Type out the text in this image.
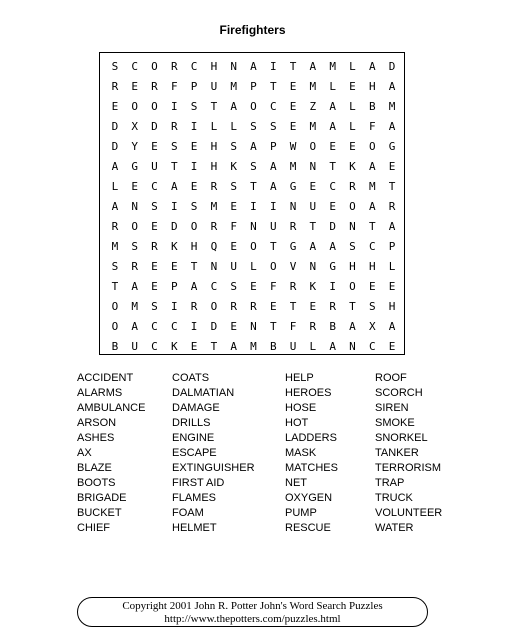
Firefighters
S	C	O	R	C	H	N	A	I	T	A	M	L	A	D
R	E	R	F	P	U	M	P	T	E	M	L	E	H	A
E	O	O	I	S	T	A	O	C	E	Z	A	L	B	M
D	X	D	R	I	L	L	S	S	E	M	A	L	F	A
D	Y	E	S	E	H	S	A	P	W	O	E	E	O	G
A	G	U	T	I	H	K	S	A	M	N	T	K	A	E
L	E	C	A	E	R	S	T	A	G	E	C	R	M	T
A	N	S	I	S	M	E	I	I	N	U	E	O	A	R
R	O	E	D	O	R	F	N	U	R	T	D	N	T	A
M	S	R	K	H	Q	E	O	T	G	A	A	S	C	P
S	R	E	E	T	N	U	L	O	V	N	G	H	H	L
T	A	E	P	A	C	S	E	F	R	K	I	O	E	E
O	M	S	I	R	O	R	R	E	T	E	R	T	S	H
O	A	C	C	I	D	E	N	T	F	R	B	A	X	A
B	U	C	K	E	T	A	M	B	U	L	A	N	C	E
ACCIDENT
ALARMS
AMBULANCE
ARSON
ASHES
AX
BLAZE
BOOTS
BRIGADE
BUCKET
CHIEF
COATS
DALMATIAN
DAMAGE
DRILLS
ENGINE
ESCAPE
EXTINGUISHER
FIRST AID
FLAMES
FOAM
HELMET
HELP
HEROES
HOSE
HOT
LADDERS
MASK
MATCHES
NET
OXYGEN
PUMP
RESCUE
ROOF
SCORCH
SIREN
SMOKE
SNORKEL
TANKER
TERRORISM
TRAP
TRUCK
VOLUNTEER
WATER
Copyright 2001 John R. Potter John's Word Search Puzzles
http://www.thepotters.com/puzzles.html
